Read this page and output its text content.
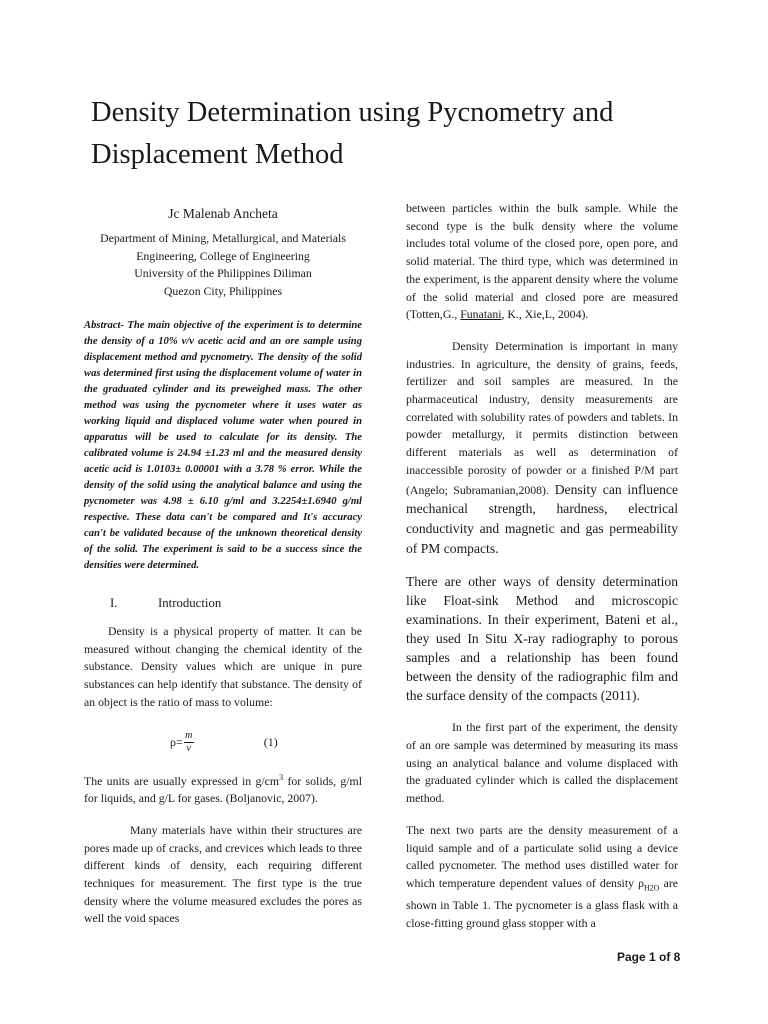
Density Determination using Pycnometry and Displacement Method
Jc Malenab Ancheta
Department of Mining, Metallurgical, and Materials
Engineering, College of Engineering
University of the Philippines Diliman
Quezon City, Philippines

Abstract- The main objective of the experiment is to determine the density of a 10% v/v acetic acid and an ore sample using displacement method and pycnometry. The density of the solid was determined first using the displacement volume of water in the graduated cylinder and its preweighed mass. The other method was using the pycnometer where it uses water as working liquid and displaced volume water when poured in apparatus will be used to calculate for its density. The calibrated volume is 24.94 ±1.23 ml and the measured density acetic acid is 1.0103± 0.00001 with a 3.78 % error. While the density of the solid using the analytical balance and using the pycnometer was 4.98 ± 6.10 g/ml and 3.2254±1.6940 g/ml respective. These data can't be compared and It's accuracy can't be validated because of the unknown theoretical density of the solid. The experiment is said to be a success since the densities were determined.

I.	Introduction

Density is a physical property of matter. It can be measured without changing the chemical identity of the substance. Density values which are unique in pure substances can help identify that substance. The density of an object is the ratio of mass to volume:

$\rho= \frac{m}{v}$	(1)

The units are usually expressed in $g/cm^3$ for solids, g/ml for liquids, and g/L for gases. (Boljanovic, 2007).

Many materials have within their structures are pores made up of cracks, and crevices which leads to three different kinds of density, each requiring different techniques for measurement. The first type is the true density where the volume measured excludes the pores as well the void spaces

between particles within the bulk sample. While the second type is the bulk density where the volume includes total volume of the closed pore, open pore, and solid material. The third type, which was determined in the experiment, is the apparent density where the volume of the solid material and closed pore are measured (Totten,G., Funatani, K., Xie,L, 2004).

Density Determination is important in many industries. In agriculture, the density of grains, feeds, fertilizer and soil samples are measured. In the pharmaceutical industry, density measurements are correlated with solubility rates of powders and tablets. In powder metallurgy, it permits distinction between different materials as well as determination of inaccessible porosity of powder or a finished P/M part (Angelo; Subramanian,2008). Density can influence mechanical strength, hardness, electrical conductivity and magnetic and gas permeability of PM compacts.

There are other ways of density determination like Float-sink Method and microscopic examinations. In their experiment, Bateni et al., they used In Situ X-ray radiography to porous samples and a relationship has been found between the density of the radiographic film and the surface density of the compacts (2011).

In the first part of the experiment, the density of an ore sample was determined by measuring its mass using an analytical balance and volume displaced with the graduated cylinder which is called the displacement method.

The next two parts are the density measurement of a liquid sample and of a particulate solid using a device called pycnometer. The method uses distilled water for which temperature dependent values of density $\rho_{H2O}$ are shown in Table 1. The pycnometer is a glass flask with a close-fitting ground glass stopper with a

Page 1 of 8
